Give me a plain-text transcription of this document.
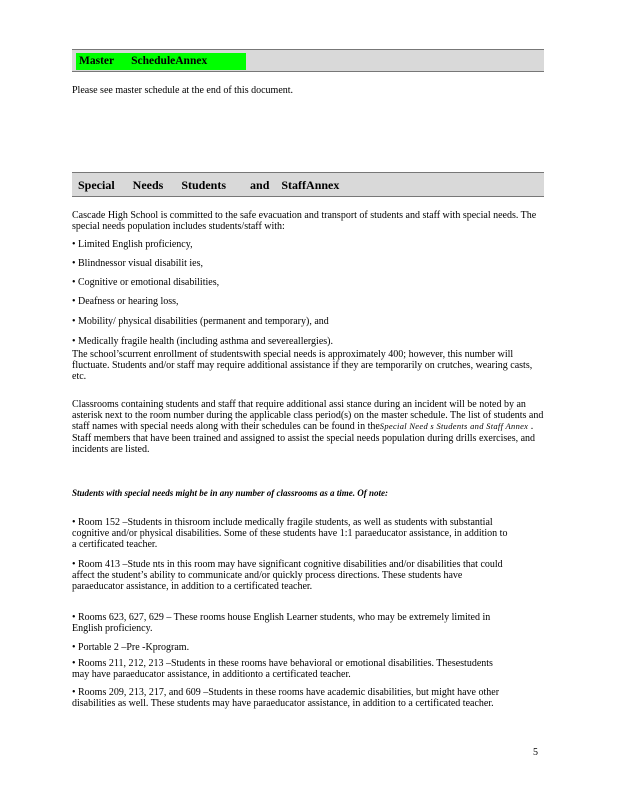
Master      ScheduleAnnex
Please see master schedule at the end of this document.
Special      Needs      Students        and    StaffAnnex
Cascade High School is committed to the safe evacuation and transport of students and staff with special needs. The special needs population includes students/staff with:
• Limited English proficiency,
• Blindnessor visual disabilit ies,
• Cognitive or emotional disabilities,
• Deafness or hearing loss,
• Mobility/ physical disabilities (permanent and temporary), and
• Medically fragile health (including asthma and severeallergies).
The school’scurrent enrollment of studentswith special needs is approximately 400; however, this number will fluctuate. Students and/or staff may require additional assistance if they are temporarily on crutches, wearing casts, etc.
Classrooms containing students and staff that require additional assi stance during an incident will be noted by an asterisk next to the room number during the applicable class period(s) on the master schedule. The list of students and staff names with special needs along with their schedules can be found in theSpecial Need s Students and Staff Annex . Staff members that have been trained and assigned to assist the special needs population during drills exercises, and incidents are listed.
Students with special needs might be in any number of classrooms as a time. Of note:
• Room 152 –Students in thisroom include medically fragile students, as well as students with substantial cognitive and/or physical disabilities. Some of these students have 1:1 paraeducator assistance, in addition to a certificated teacher.
• Room 413 –Stude nts in this room may have significant cognitive disabilities and/or disabilities that could affect the student’s ability to communicate and/or quickly process directions. These students have paraeducator assistance, in addition to a certificated teacher.
• Rooms 623, 627, 629 – These rooms house English Learner students, who may be extremely limited in English proficiency.
• Portable 2 –Pre -Kprogram.
• Rooms 211, 212, 213 –Students in these rooms have behavioral or emotional disabilities. Thesestudents may have paraeducator assistance, in additionto a certificated teacher.
• Rooms 209, 213, 217, and 609 –Students in these rooms have academic disabilities, but might have other disabilities as well. These students may have paraeducator assistance, in addition to a certificated teacher.
5
